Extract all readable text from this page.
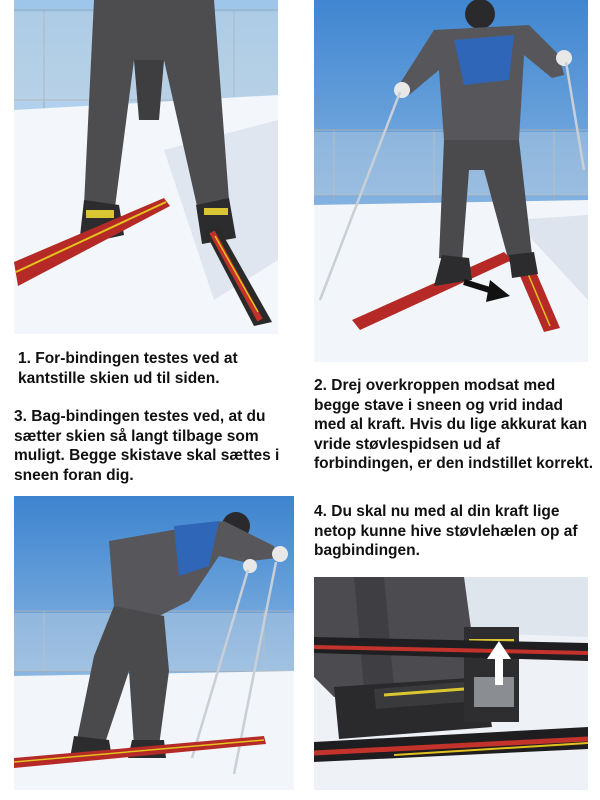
1. For-bindingen testes ved at kantstille skien ud til siden.	2. Drej overkroppen modsat med begge stave i sneen og vrid indad med al kraft. Hvis du lige akkurat kan vride støvlespidsen ud af forbindingen, er den indstillet korrekt.

3. Bag-bindingen testes ved, at du sætter skien så langt tilbage som muligt. Begge skistave skal sættes i sneen foran dig.

4. Du skal nu med al din kraft lige netop kunne hive støvlehælen op af bagbindingen.
